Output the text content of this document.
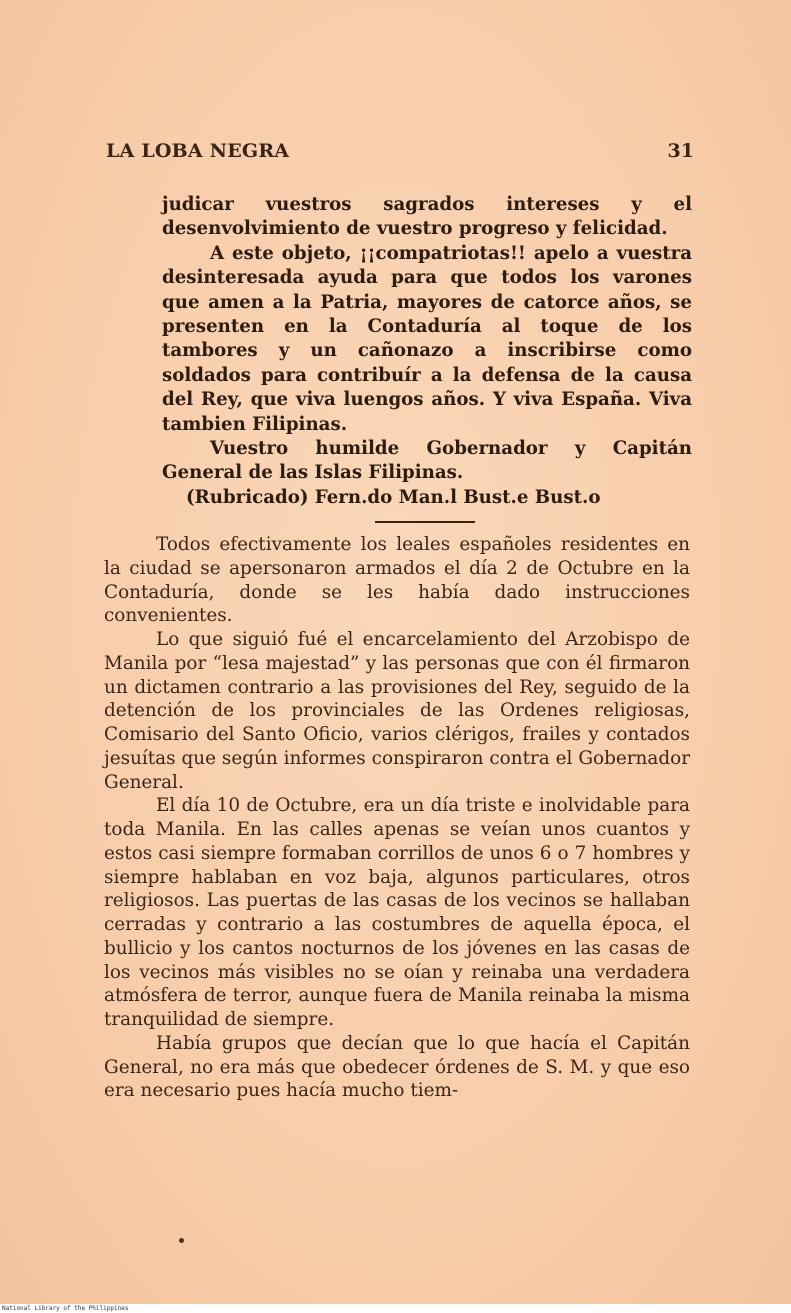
LA LOBA NEGRA	31

judicar vuestros sagrados intereses y el desenvolvimiento de vuestro progreso y felicidad.

A este objeto, ¡¡compatriotas!! apelo a vuestra desinteresada ayuda para que todos los varones que amen a la Patria, mayores de catorce años, se presenten en la Contaduría al toque de los tambores y un cañonazo a inscribirse como soldados para contribuír a la defensa de la causa del Rey, que viva luengos años. Y viva España. Viva tambien Filipinas.

Vuestro humilde Gobernador y Capitán General de las Islas Filipinas.

(Rubricado) Fern.do Man.l Bust.e Bust.o

Todos efectivamente los leales españoles residentes en la ciudad se apersonaron armados el día 2 de Octubre en la Contaduría, donde se les había dado instrucciones convenientes.

Lo que siguió fué el encarcelamiento del Arzobispo de Manila por “lesa majestad” y las personas que con él firmaron un dictamen contrario a las provisiones del Rey, seguido de la detención de los provinciales de las Ordenes religiosas, Comisario del Santo Oficio, varios clérigos, frailes y contados jesuítas que según informes conspiraron contra el Gobernador General.

El día 10 de Octubre, era un día triste e inolvidable para toda Manila. En las calles apenas se veían unos cuantos y estos casi siempre formaban corrillos de unos 6 o 7 hombres y siempre hablaban en voz baja, algunos particulares, otros religiosos. Las puertas de las casas de los vecinos se hallaban cerradas y contrario a las costumbres de aquella época, el bullicio y los cantos nocturnos de los jóvenes en las casas de los vecinos más visibles no se oían y reinaba una verdadera atmósfera de terror, aunque fuera de Manila reinaba la misma tranquilidad de siempre.

Había grupos que decían que lo que hacía el Capitán General, no era más que obedecer órdenes de S. M. y que eso era necesario pues hacía mucho tiem-

National Library of the Philippines
